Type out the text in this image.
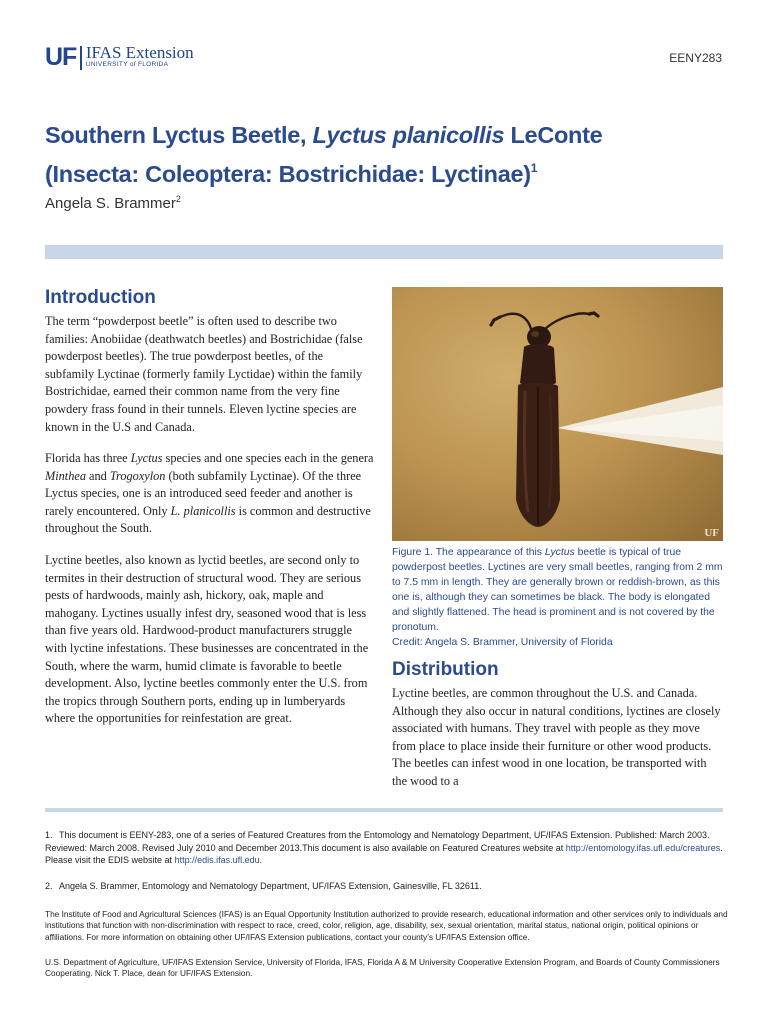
UF IFAS Extension
UNIVERSITY of FLORIDA	EENY283
Southern Lyctus Beetle, Lyctus planicollis LeConte
(Insecta: Coleoptera: Bostrichidae: Lyctinae)$^1$
Angela S. Brammer$^2$
Introduction

The term “powderpost beetle” is often used to describe two families: Anobiidae (deathwatch beetles) and Bostrichidae (false powderpost beetles). The true powderpost beetles, of the subfamily Lyctinae (formerly family Lyctidae) within the family Bostrichidae, earned their common name from the very fine powdery frass found in their tunnels. Eleven lyctine species are known in the U.S and Canada.

Florida has three Lyctus species and one species each in the genera Minthea and Trogoxylon (both subfamily Lyctinae). Of the three Lyctus species, one is an introduced seed feeder and another is rarely encountered. Only L. planicollis is common and destructive throughout the South.

Lyctine beetles, also known as lyctid beetles, are second only to termites in their destruction of structural wood. They are serious pests of hardwoods, mainly ash, hickory, oak, maple and mahogany. Lyctines usually infest dry, seasoned wood that is less than five years old. Hardwood-product manufacturers struggle with lyctine infestations. These businesses are concentrated in the South, where the warm, humid climate is favorable to beetle development. Also, lyctine beetles commonly enter the U.S. from the tropics through Southern ports, ending up in lumberyards where the opportunities for reinfestation are great.

UF
Figure 1. The appearance of this Lyctus beetle is typical of true powderpost beetles. Lyctines are very small beetles, ranging from 2 mm to 7.5 mm in length. They are generally brown or reddish-brown, as this one is, although they can sometimes be black. The body is elongated and slightly flattened. The head is prominent and is not covered by the pronotum.
Credit: Angela S. Brammer, University of Florida
Distribution

Lyctine beetles, are common throughout the U.S. and Canada. Although they also occur in natural conditions, lyctines are closely associated with humans. They travel with people as they move from place to place inside their furniture or other wood products. The beetles can infest wood in one location, be transported with the wood to a

1. This document is EENY-283, one of a series of Featured Creatures from the Entomology and Nematology Department, UF/IFAS Extension. Published: March 2003. Reviewed: March 2008. Revised July 2010 and December 2013.This document is also available on Featured Creatures website at http://entomology.ifas.ufl.edu/creatures. Please visit the EDIS website at http://edis.ifas.ufl.edu.
2. Angela S. Brammer, Entomology and Nematology Department, UF/IFAS Extension, Gainesville, FL 32611.
The Institute of Food and Agricultural Sciences (IFAS) is an Equal Opportunity Institution authorized to provide research, educational information and other services only to individuals and institutions that function with non-discrimination with respect to race, creed, color, religion, age, disability, sex, sexual orientation, marital status, national origin, political opinions or affiliations. For more information on obtaining other UF/IFAS Extension publications, contact your county’s UF/IFAS Extension office.
U.S. Department of Agriculture, UF/IFAS Extension Service, University of Florida, IFAS, Florida A & M University Cooperative Extension Program, and Boards of County Commissioners Cooperating. Nick T. Place, dean for UF/IFAS Extension.
